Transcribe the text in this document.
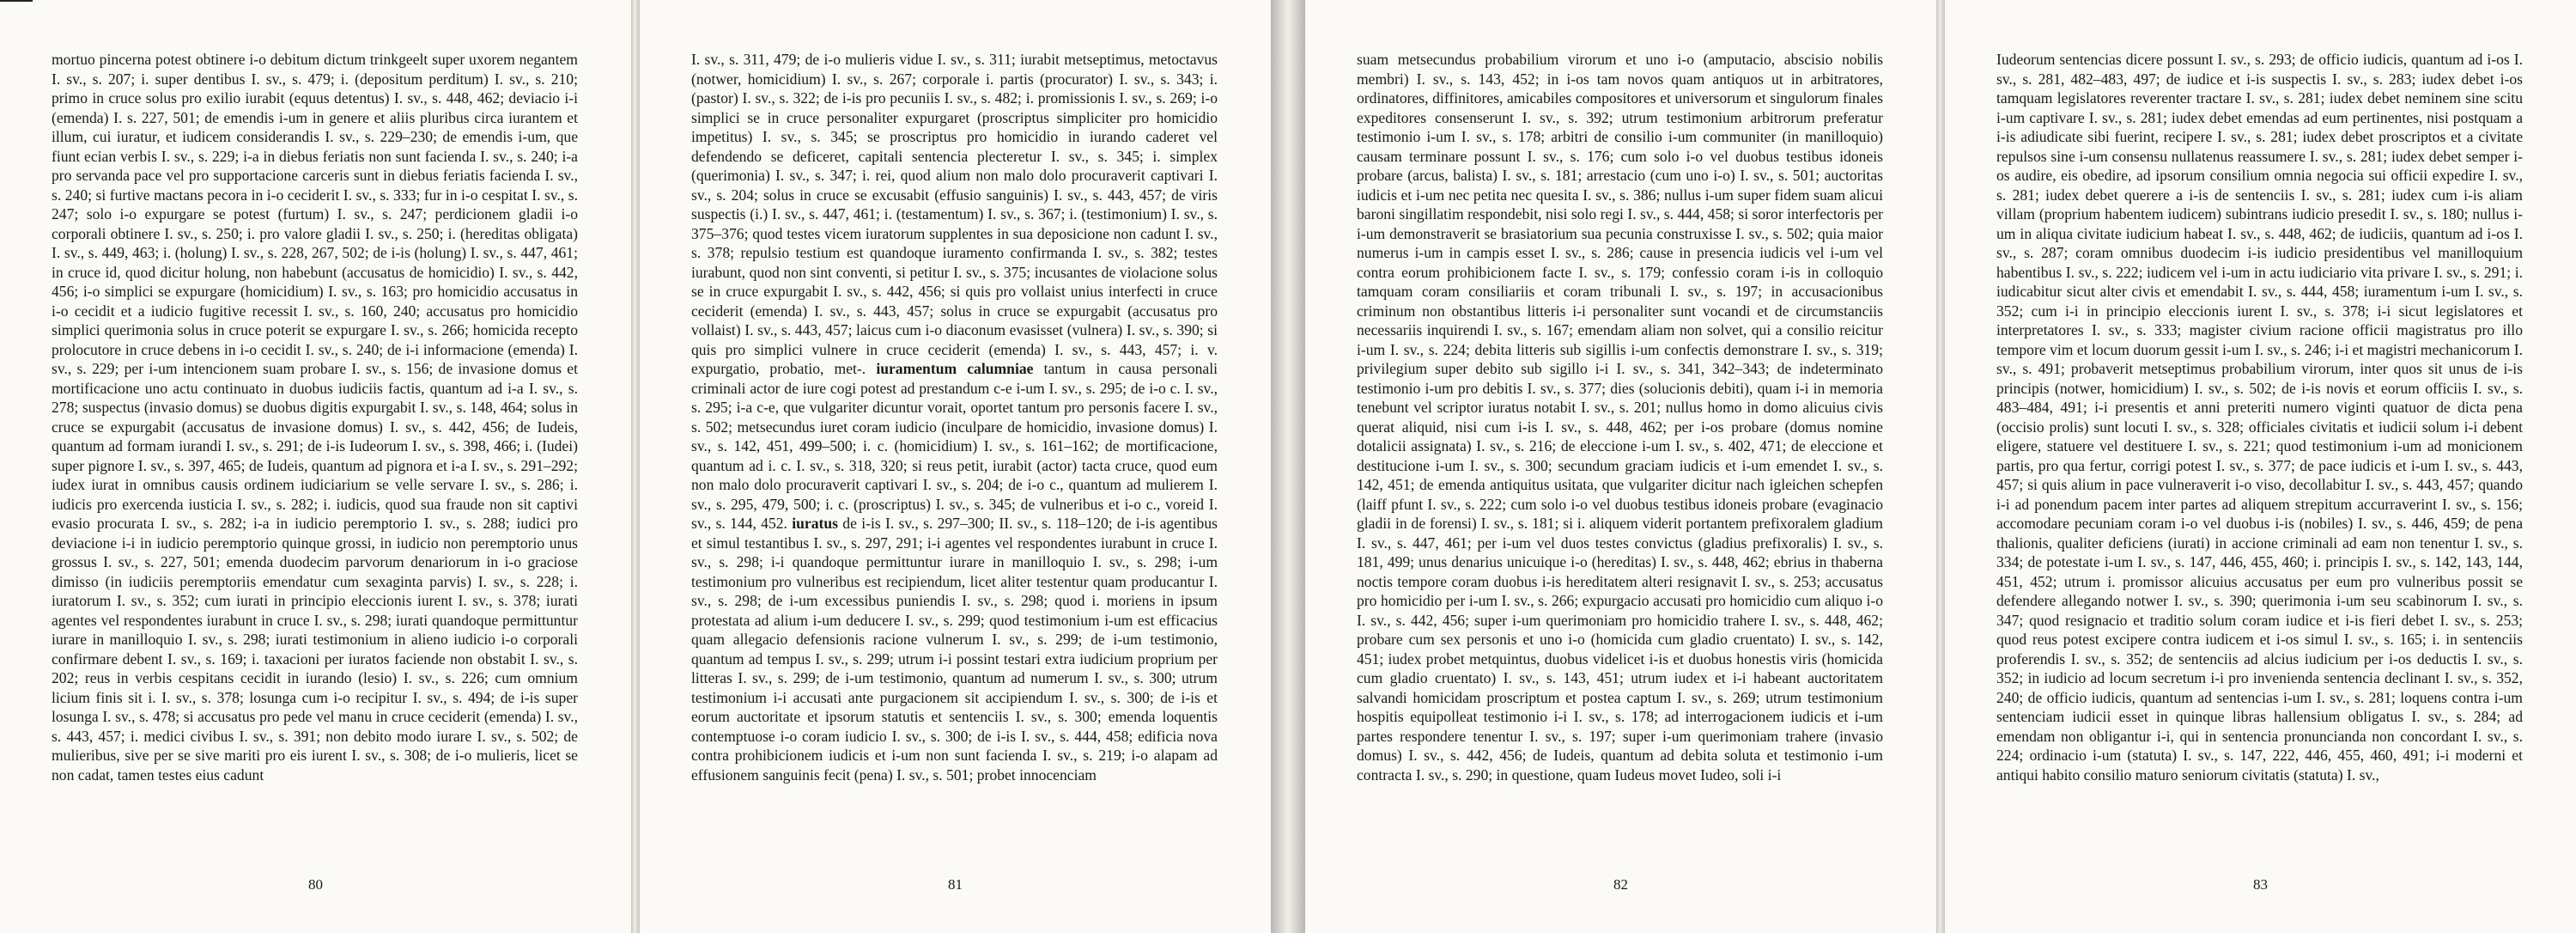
mortuo pincerna potest obtinere i-o debitum dictum trinkgeelt super uxorem negantem I. sv., s. 207; i. super dentibus I. sv., s. 479; i. (depositum perditum) I. sv., s. 210; primo in cruce solus pro exilio iurabit (equus detentus) I. sv., s. 448, 462; deviacio i-i (emenda) I. s. 227, 501; de emendis i-um in genere et aliis pluribus circa iurantem et illum, cui iuratur, et iudicem considerandis I. sv., s. 229–230; de emendis i-um, que fiunt ecian verbis I. sv., s. 229; i-a in diebus feriatis non sunt facienda I. sv., s. 240; i-a pro servanda pace vel pro supportacione carceris sunt in diebus feriatis facienda I. sv., s. 240; si furtive mactans pecora in i-o ceciderit I. sv., s. 333; fur in i-o cespitat I. sv., s. 247; solo i-o expurgare se potest (furtum) I. sv., s. 247; perdicionem gladii i-o corporali obtinere I. sv., s. 250; i. pro valore gladii I. sv., s. 250; i. (hereditas obligata) I. sv., s. 449, 463; i. (holung) I. sv., s. 228, 267, 502; de i-is (holung) I. sv., s. 447, 461; in cruce id, quod dicitur holung, non habebunt (accusatus de homicidio) I. sv., s. 442, 456; i-o simplici se expurgare (homicidium) I. sv., s. 163; pro homicidio accusatus in i-o cecidit et a iudicio fugitive recessit I. sv., s. 160, 240; accusatus pro homicidio simplici querimonia solus in cruce poterit se expurgare I. sv., s. 266; homicida recepto prolocutore in cruce debens in i-o cecidit I. sv., s. 240; de i-i informacione (emenda) I. sv., s. 229; per i-um intencionem suam probare I. sv., s. 156; de invasione domus et mortificacione uno actu continuato in duobus iudiciis factis, quantum ad i-a I. sv., s. 278; suspectus (invasio domus) se duobus digitis expurgabit I. sv., s. 148, 464; solus in cruce se expurgabit (accusatus de invasione domus) I. sv., s. 442, 456; de Iudeis, quantum ad formam iurandi I. sv., s. 291; de i-is Iudeorum I. sv., s. 398, 466; i. (Iudei) super pignore I. sv., s. 397, 465; de Iudeis, quantum ad pignora et i-a I. sv., s. 291–292; iudex iurat in omnibus causis ordinem iudiciarium se velle servare I. sv., s. 286; i. iudicis pro exercenda iusticia I. sv., s. 282; i. iudicis, quod sua fraude non sit captivi evasio procurata I. sv., s. 282; i-a in iudicio peremptorio I. sv., s. 288; iudici pro deviacione i-i in iudicio peremptorio quinque grossi, in iudicio non peremptorio unus grossus I. sv., s. 227, 501; emenda duodecim parvorum denariorum in i-o graciose dimisso (in iudiciis peremptoriis emendatur cum sexaginta parvis) I. sv., s. 228; i. iuratorum I. sv., s. 352; cum iurati in principio eleccionis iurent I. sv., s. 378; iurati agentes vel respondentes iurabunt in cruce I. sv., s. 298; iurati quandoque permittuntur iurare in manilloquio I. sv., s. 298; iurati testimonium in alieno iudicio i-o corporali confirmare debent I. sv., s. 169; i. taxacioni per iuratos faciende non obstabit I. sv., s. 202; reus in verbis cespitans cecidit in iurando (lesio) I. sv., s. 226; cum omnium licium finis sit i. I. sv., s. 378; losunga cum i-o recipitur I. sv., s. 494; de i-is super losunga I. sv., s. 478; si accusatus pro pede vel manu in cruce ceciderit (emenda) I. sv., s. 443, 457; i. medici civibus I. sv., s. 391; non debito modo iurare I. sv., s. 502; de mulieribus, sive per se sive mariti pro eis iurent I. sv., s. 308; de i-o mulieris, licet se non cadat, tamen testes eius cadunt
80
I. sv., s. 311, 479; de i-o mulieris vidue I. sv., s. 311; iurabit metseptimus, metoctavus (notwer, homicidium) I. sv., s. 267; corporale i. partis (procurator) I. sv., s. 343; i. (pastor) I. sv., s. 322; de i-is pro pecuniis I. sv., s. 482; i. promissionis I. sv., s. 269; i-o simplici se in cruce personaliter expurgaret (proscriptus simpliciter pro homicidio impetitus) I. sv., s. 345; se proscriptus pro homicidio in iurando caderet vel defendendo se deficeret, capitali sentencia plecteretur I. sv., s. 345; i. simplex (querimonia) I. sv., s. 347; i. rei, quod alium non malo dolo procuraverit captivari I. sv., s. 204; solus in cruce se excusabit (effusio sanguinis) I. sv., s. 443, 457; de viris suspectis (i.) I. sv., s. 447, 461; i. (testamentum) I. sv., s. 367; i. (testimonium) I. sv., s. 375–376; quod testes vicem iuratorum supplentes in sua deposicione non cadunt I. sv., s. 378; repulsio testium est quandoque iuramento confirmanda I. sv., s. 382; testes iurabunt, quod non sint conventi, si petitur I. sv., s. 375; incusantes de violacione solus se in cruce expurgabit I. sv., s. 442, 456; si quis pro vollaist unius interfecti in cruce ceciderit (emenda) I. sv., s. 443, 457; solus in cruce se expurgabit (accusatus pro vollaist) I. sv., s. 443, 457; laicus cum i-o diaconum evasisset (vulnera) I. sv., s. 390; si quis pro simplici vulnere in cruce ceciderit (emenda) I. sv., s. 443, 457; i. v. expurgatio, probatio, met-. iuramentum calumniae tantum in causa personali criminali actor de iure cogi potest ad prestandum c-e i-um I. sv., s. 295; de i-o c. I. sv., s. 295; i-a c-e, que vulgariter dicuntur vorait, oportet tantum pro personis facere I. sv., s. 502; metsecundus iuret coram iudicio (inculpare de homicidio, invasione domus) I. sv., s. 142, 451, 499–500; i. c. (homicidium) I. sv., s. 161–162; de mortificacione, quantum ad i. c. I. sv., s. 318, 320; si reus petit, iurabit (actor) tacta cruce, quod eum non malo dolo procuraverit captivari I. sv., s. 204; de i-o c., quantum ad mulierem I. sv., s. 295, 479, 500; i. c. (proscriptus) I. sv., s. 345; de vulneribus et i-o c., voreid I. sv., s. 144, 452. iuratus de i-is I. sv., s. 297–300; II. sv., s. 118–120; de i-is agentibus et simul testantibus I. sv., s. 297, 291; i-i agentes vel respondentes iurabunt in cruce I. sv., s. 298; i-i quandoque permittuntur iurare in manilloquio I. sv., s. 298; i-um testimonium pro vulneribus est recipiendum, licet aliter testentur quam producantur I. sv., s. 298; de i-um excessibus puniendis I. sv., s. 298; quod i. moriens in ipsum protestata ad alium i-um deducere I. sv., s. 299; quod testimonium i-um est efficacius quam allegacio defensionis racione vulnerum I. sv., s. 299; de i-um testimonio, quantum ad tempus I. sv., s. 299; utrum i-i possint testari extra iudicium proprium per litteras I. sv., s. 299; de i-um testimonio, quantum ad numerum I. sv., s. 300; utrum testimonium i-i accusati ante purgacionem sit accipiendum I. sv., s. 300; de i-is et eorum auctoritate et ipsorum statutis et sentenciis I. sv., s. 300; emenda loquentis contemptuose i-o coram iudicio I. sv., s. 300; de i-is I. sv., s. 444, 458; edificia nova contra prohibicionem iudicis et i-um non sunt facienda I. sv., s. 219; i-o alapam ad effusionem sanguinis fecit (pena) I. sv., s. 501; probet innocenciam
81
suam metsecundus probabilium virorum et uno i-o (amputacio, abscisio nobilis membri) I. sv., s. 143, 452; in i-os tam novos quam antiquos ut in arbitratores, ordinatores, diffinitores, amicabiles compositores et universorum et singulorum finales expeditores consenserunt I. sv., s. 392; utrum testimonium arbitrorum preferatur testimonio i-um I. sv., s. 178; arbitri de consilio i-um communiter (in manilloquio) causam terminare possunt I. sv., s. 176; cum solo i-o vel duobus testibus idoneis probare (arcus, balista) I. sv., s. 181; arrestacio (cum uno i-o) I. sv., s. 501; auctoritas iudicis et i-um nec petita nec quesita I. sv., s. 386; nullus i-um super fidem suam alicui baroni singillatim respondebit, nisi solo regi I. sv., s. 444, 458; si soror interfectoris per i-um demonstraverit se brasiatorium sua pecunia construxisse I. sv., s. 502; quia maior numerus i-um in campis esset I. sv., s. 286; cause in presencia iudicis vel i-um vel contra eorum prohibicionem facte I. sv., s. 179; confessio coram i-is in colloquio tamquam coram consiliariis et coram tribunali I. sv., s. 197; in accusacionibus criminum non obstantibus litteris i-i personaliter sunt vocandi et de circumstanciis necessariis inquirendi I. sv., s. 167; emendam aliam non solvet, qui a consilio reicitur i-um I. sv., s. 224; debita litteris sub sigillis i-um confectis demonstrare I. sv., s. 319; privilegium super debito sub sigillo i-i I. sv., s. 341, 342–343; de indeterminato testimonio i-um pro debitis I. sv., s. 377; dies (solucionis debiti), quam i-i in memoria tenebunt vel scriptor iuratus notabit I. sv., s. 201; nullus homo in domo alicuius civis querat aliquid, nisi cum i-is I. sv., s. 448, 462; per i-os probare (domus nomine dotalicii assignata) I. sv., s. 216; de eleccione i-um I. sv., s. 402, 471; de eleccione et destitucione i-um I. sv., s. 300; secundum graciam iudicis et i-um emendet I. sv., s. 142, 451; de emenda antiquitus usitata, que vulgariter dicitur nach igleichen schepfen (laiff pfunt I. sv., s. 222; cum solo i-o vel duobus testibus idoneis probare (evaginacio gladii in de forensi) I. sv., s. 181; si i. aliquem viderit portantem prefixoralem gladium I. sv., s. 447, 461; per i-um vel duos testes convictus (gladius prefixoralis) I. sv., s. 181, 499; unus denarius unicuique i-o (hereditas) I. sv., s. 448, 462; ebrius in thaberna noctis tempore coram duobus i-is hereditatem alteri resignavit I. sv., s. 253; accusatus pro homicidio per i-um I. sv., s. 266; expurgacio accusati pro homicidio cum aliquo i-o I. sv., s. 442, 456; super i-um querimoniam pro homicidio trahere I. sv., s. 448, 462; probare cum sex personis et uno i-o (homicida cum gladio cruentato) I. sv., s. 142, 451; iudex probet metquintus, duobus videlicet i-is et duobus honestis viris (homicida cum gladio cruentato) I. sv., s. 143, 451; utrum iudex et i-i habeant auctoritatem salvandi homicidam proscriptum et postea captum I. sv., s. 269; utrum testimonium hospitis equipolleat testimonio i-i I. sv., s. 178; ad interrogacionem iudicis et i-um partes respondere tenentur I. sv., s. 197; super i-um querimoniam trahere (invasio domus) I. sv., s. 442, 456; de Iudeis, quantum ad debita soluta et testimonio i-um contracta I. sv., s. 290; in questione, quam Iudeus movet Iudeo, soli i-i
82
Iudeorum sentencias dicere possunt I. sv., s. 293; de officio iudicis, quantum ad i-os I. sv., s. 281, 482–483, 497; de iudice et i-is suspectis I. sv., s. 283; iudex debet i-os tamquam legislatores reverenter tractare I. sv., s. 281; iudex debet neminem sine scitu i-um captivare I. sv., s. 281; iudex debet emendas ad eum pertinentes, nisi postquam a i-is adiudicate sibi fuerint, recipere I. sv., s. 281; iudex debet proscriptos et a civitate repulsos sine i-um consensu nullatenus reassumere I. sv., s. 281; iudex debet semper i-os audire, eis obedire, ad ipsorum consilium omnia negocia sui officii expedire I. sv., s. 281; iudex debet querere a i-is de sentenciis I. sv., s. 281; iudex cum i-is aliam villam (proprium habentem iudicem) subintrans iudicio presedit I. sv., s. 180; nullus i-um in aliqua civitate iudicium habeat I. sv., s. 448, 462; de iudiciis, quantum ad i-os I. sv., s. 287; coram omnibus duodecim i-is iudicio presidentibus vel manilloquium habentibus I. sv., s. 222; iudicem vel i-um in actu iudiciario vita privare I. sv., s. 291; i. iudicabitur sicut alter civis et emendabit I. sv., s. 444, 458; iuramentum i-um I. sv., s. 352; cum i-i in principio eleccionis iurent I. sv., s. 378; i-i sicut legislatores et interpretatores I. sv., s. 333; magister civium racione officii magistratus pro illo tempore vim et locum duorum gessit i-um I. sv., s. 246; i-i et magistri mechanicorum I. sv., s. 491; probaverit metseptimus probabilium virorum, inter quos sit unus de i-is principis (notwer, homicidium) I. sv., s. 502; de i-is novis et eorum officiis I. sv., s. 483–484, 491; i-i presentis et anni preteriti numero viginti quatuor de dicta pena (occisio prolis) sunt locuti I. sv., s. 328; officiales civitatis et iudicii solum i-i debent eligere, statuere vel destituere I. sv., s. 221; quod testimonium i-um ad monicionem partis, pro qua fertur, corrigi potest I. sv., s. 377; de pace iudicis et i-um I. sv., s. 443, 457; si quis alium in pace vulneraverit i-o viso, decollabitur I. sv., s. 443, 457; quando i-i ad ponendum pacem inter partes ad aliquem strepitum accurraverint I. sv., s. 156; accomodare pecuniam coram i-o vel duobus i-is (nobiles) I. sv., s. 446, 459; de pena thalionis, qualiter deficiens (iurati) in accione criminali ad eam non tenentur I. sv., s. 334; de potestate i-um I. sv., s. 147, 446, 455, 460; i. principis I. sv., s. 142, 143, 144, 451, 452; utrum i. promissor alicuius accusatus per eum pro vulneribus possit se defendere allegando notwer I. sv., s. 390; querimonia i-um seu scabinorum I. sv., s. 347; quod resignacio et traditio solum coram iudice et i-is fieri debet I. sv., s. 253; quod reus potest excipere contra iudicem et i-os simul I. sv., s. 165; i. in sentenciis proferendis I. sv., s. 352; de sentenciis ad alcius iudicium per i-os deductis I. sv., s. 352; in iudicio ad locum secretum i-i pro invenienda sentencia declinant I. sv., s. 352, 240; de officio iudicis, quantum ad sentencias i-um I. sv., s. 281; loquens contra i-um sentenciam iudicii esset in quinque libras hallensium obligatus I. sv., s. 284; ad emendam non obligantur i-i, qui in sentencia pronuncianda non concordant I. sv., s. 224; ordinacio i-um (statuta) I. sv., s. 147, 222, 446, 455, 460, 491; i-i moderni et antiqui habito consilio maturo seniorum civitatis (statuta) I. sv.,
83
